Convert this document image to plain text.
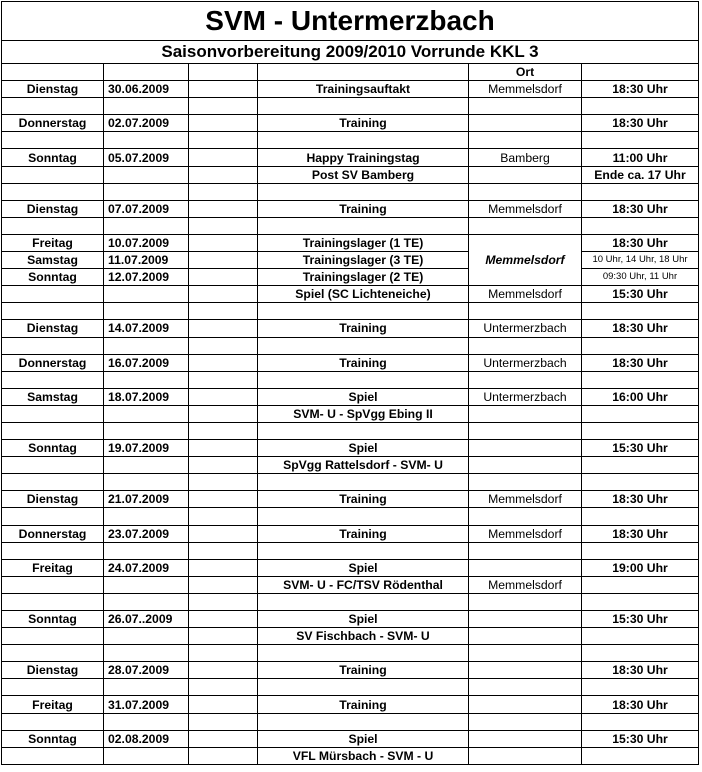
SVM - Untermerzbach
Saisonvorbereitung 2009/2010 Vorrunde KKL 3
				Ort	
Dienstag	30.06.2009		Trainingsauftakt	Memmelsdorf	18:30 Uhr

Donnerstag	02.07.2009		Training		18:30 Uhr

Sonntag	05.07.2009		Happy Trainingstag	Bamberg	11:00 Uhr
			Post SV Bamberg		Ende ca. 17 Uhr

Dienstag	07.07.2009		Training	Memmelsdorf	18:30 Uhr

Freitag	10.07.2009		Trainingslager (1 TE)		18:30 Uhr
Samstag	11.07.2009		Trainingslager (3 TE)	Memmelsdorf	10 Uhr, 14 Uhr, 18 Uhr
Sonntag	12.07.2009		Trainingslager (2 TE)		09:30 Uhr, 11 Uhr
			Spiel (SC Lichteneiche)	Memmelsdorf	15:30 Uhr

Dienstag	14.07.2009		Training	Untermerzbach	18:30 Uhr

Donnerstag	16.07.2009		Training	Untermerzbach	18:30 Uhr

Samstag	18.07.2009		Spiel	Untermerzbach	16:00 Uhr
			SVM- U - SpVgg Ebing II		

Sonntag	19.07.2009		Spiel		15:30 Uhr
			SpVgg Rattelsdorf - SVM- U		

Dienstag	21.07.2009		Training	Memmelsdorf	18:30 Uhr

Donnerstag	23.07.2009		Training	Memmelsdorf	18:30 Uhr

Freitag	24.07.2009		Spiel		19:00 Uhr
			SVM- U - FC/TSV Rödenthal	Memmelsdorf	

Sonntag	26.07..2009		Spiel		15:30 Uhr
			SV Fischbach - SVM- U		

Dienstag	28.07.2009		Training		18:30 Uhr

Freitag	31.07.2009		Training		18:30 Uhr

Sonntag	02.08.2009		Spiel		15:30 Uhr
			VFL Mürsbach - SVM - U		
